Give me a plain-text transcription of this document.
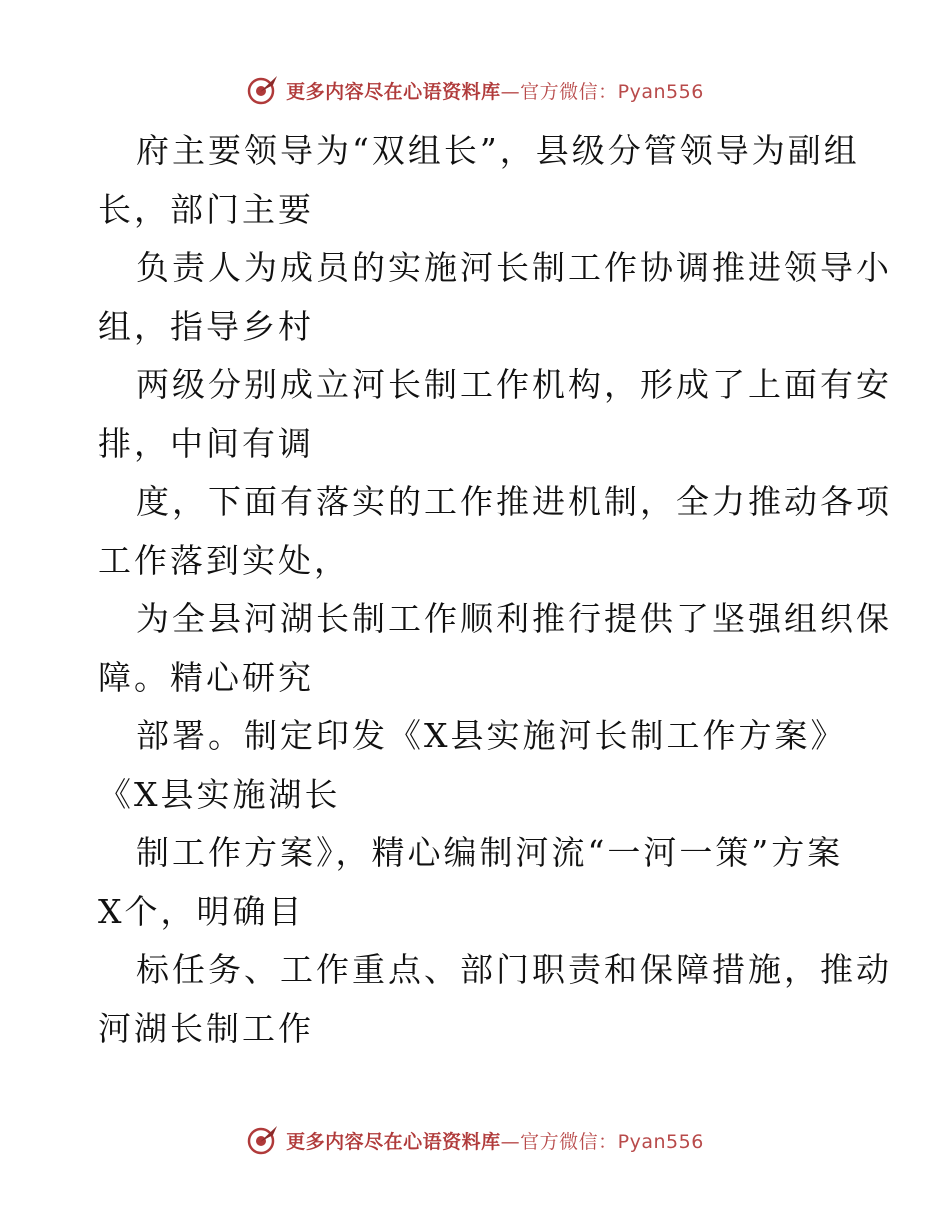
更多内容尽在心语资料库—官方微信：Pyan556
府主要领导为“双组长”，县级分管领导为副组
长，部门主要
负责人为成员的实施河长制工作协调推进领导小
组，指导乡村
两级分别成立河长制工作机构，形成了上面有安
排，中间有调
度，下面有落实的工作推进机制，全力推动各项
工作落到实处，
为全县河湖长制工作顺利推行提供了坚强组织保
障。精心研究
部署。制定印发《X县实施河长制工作方案》
《X县实施湖长
制工作方案》，精心编制河流“一河一策”方案
X个，明确目
标任务、工作重点、部门职责和保障措施，推动
河湖长制工作
更多内容尽在心语资料库—官方微信：Pyan556
